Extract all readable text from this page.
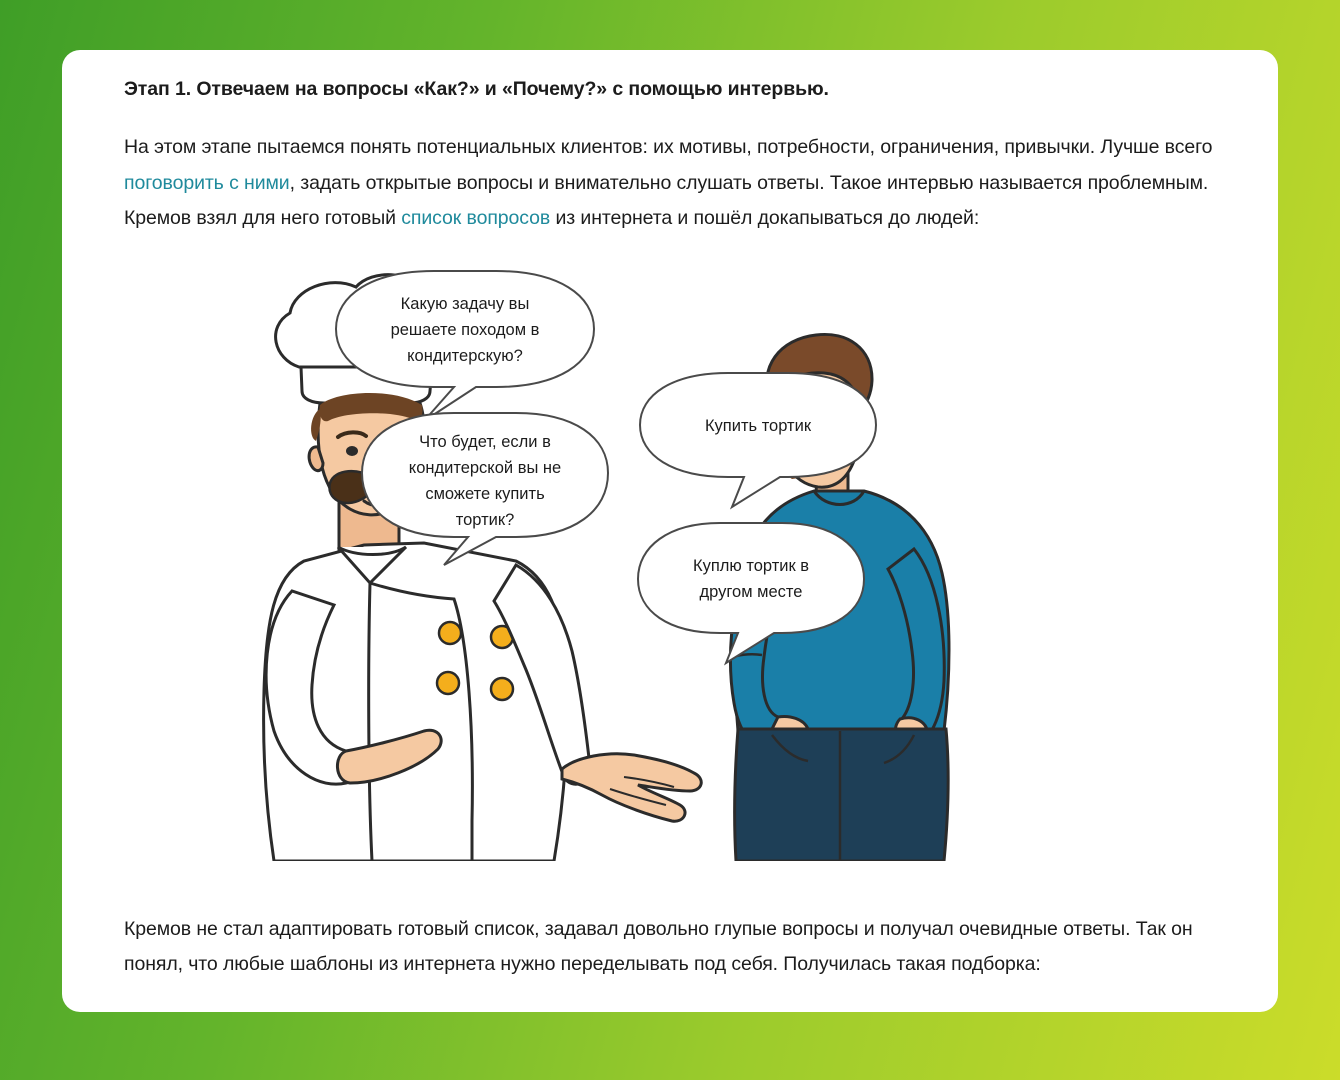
Этап 1. Отвечаем на вопросы «Как?» и «Почему?» с помощью интервью.

На этом этапе пытаемся понять потенциальных клиентов: их мотивы, потребности, ограничения, привычки. Лучше всего поговорить с ними, задать открытые вопросы и внимательно слушать ответы. Такое интервью называется проблемным. Кремов взял для него готовый список вопросов из интернета и пошёл докапываться до людей:

Какую задачу вы
решаете походом в
кондитерскую?
Что будет, если в
кондитерской вы не
сможете купить
тортик?
Купить тортик
Куплю тортик в
другом месте
Кремов не стал адаптировать готовый список, задавал довольно глупые вопросы и получал очевидные ответы. Так он понял, что любые шаблоны из интернета нужно переделывать под себя. Получилась такая подборка:
